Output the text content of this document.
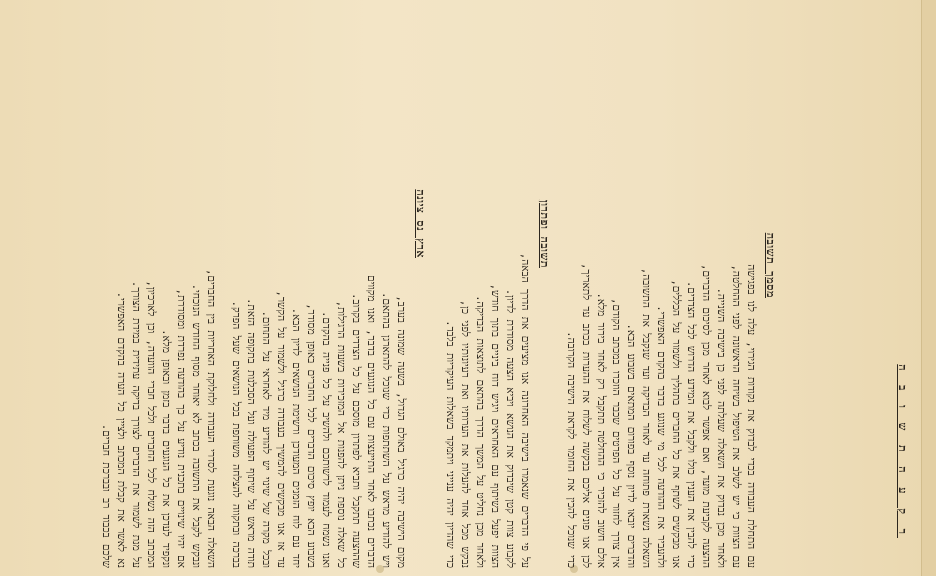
ר ק ע ה ת ש ו ב ה
מסמך תשובה
עם התחלת העבודה בכדי לבדוק את נקודות הגירוי, עלה לנו בפגישה
עם הצוות כי יש לשלב את הטיפול בשיחה הראשונה לפני ההחלטה,
ולאחר מכן נבדוק את השאלה שעלתה לפני כן בישיבה השנייה.
ההצעה לקביעת מועד, ואם אפשר לבוא לאחר מכן לסיכום הדברים,
כדי להבין את הענין כולו ולקבל את המידע הדרוש לכל הצדדים.
אנו מבקשים לשתף את כל החברים בתהליך ולשמור על הכללים,
ולהעביר את ההודעה לכל מי שנוגע בדבר בהקדם האפשרי.
השאלה נשארת פתוחה עד לאחר הבדיקה ועד שנקבל את התשובה,
והדברים יובאו לדיון נוסף בפורום המתאים בשבוע הבא.
אין צורך לחזור על כל הפרטים שכבר הוזכרו במכתב הקודם,
אולם חשוב להזכיר כי ההחלטה תתקבל רק לאחר בירור מלא.
לכן אנו פונים אליכם בבקשה לשלוח את ההערות בכתב עד לתאריך,
כדי שנוכל להכין את החומר לקראת הישיבה הקרובה.
תשובה ופתרון
על פי הדברים שנאמרו בישיבה האחרונה אנו מציעים את הדרך הבאה,
לקבוע צוות קטן שיבדוק את הנושא ויביא הצעה מסודרת לדיון.
הצוות יפעל בשיתוף עם האחראים ויגיש דוח ביניים בתוך חודש,
ולאחר מכן נחליט על המשך הדרך בהתאם לתוצאות הבדיקה.
נבקש מכל אחד להעלות את הערותיו ואת רעיונותיו לפני כן,
כדי שהדיון יהיה ענייני ויתמקד בשאלות העיקריות בלבד.
ארץ נס ציונה
מקום הישיבה יהיה כרגיל באולם הגדול, בשעה שמונה בערב,
ויש להודיע מראש על השתתפות כדי שנוכל להתארגן בהתאם.
הדברים נכתבו לאחר התייעצות עם כל הנוגעים בדבר, ואנו מקווים
שההצעה תתקבל ותביא לפתרון מוסכם על כל הצדדים בקרוב.
כל שאלה נוספת ניתן להפנות אל המזכירות בשעות הרגילות,
ואנו נשמח לעמוד לרשותכם ולהשיב על כל פנייה בהקדם.
בשבוע הבא יופץ סיכום הדברים לכל החברים באופן מסודר,
יחד עם לוח הזמנים המעודכן ורשימת הנושאים לדיון הבא.
עד אז אנו מבקשים להמשיך בעבודה כרגיל ולשמור על הקשר,
ובכל מקרה של שינוי יש להודיע מיד לאחראי על התחום.
תודה מראש על שיתוף הפעולה ועל הסבלנות בתקופה הזאת.
בברכה ובתקווה להצלחה משותפת בכל הנושאים שעל הפרק.
השאלה הבאה נוגעת לסדרי העבודה ולחלוקת האחריות בין החברים,
ונבקש לקבל את התשובה בכתב לא יאוחר מסוף החודש הנוכחי.
אם יהיו שינויים בתכנית נודיע על כך בהודעה נפרדת ומסודרת,
ונקפיד לעדכן את כל הנוגעים בדבר בזמן ובאופן מלא.
המכתב הזה נשלח לכל החברים ולכל חברי הוועדה, וכן לארכיון,
על מנת לשמור את הדברים לצורך בדיקה עתידית במידת הצורך.
נא לאשר את קבלת המכתב ולציין כל הערה בהקדם האפשרי.
שלכם בכבוד רב ובברכת חברים.
